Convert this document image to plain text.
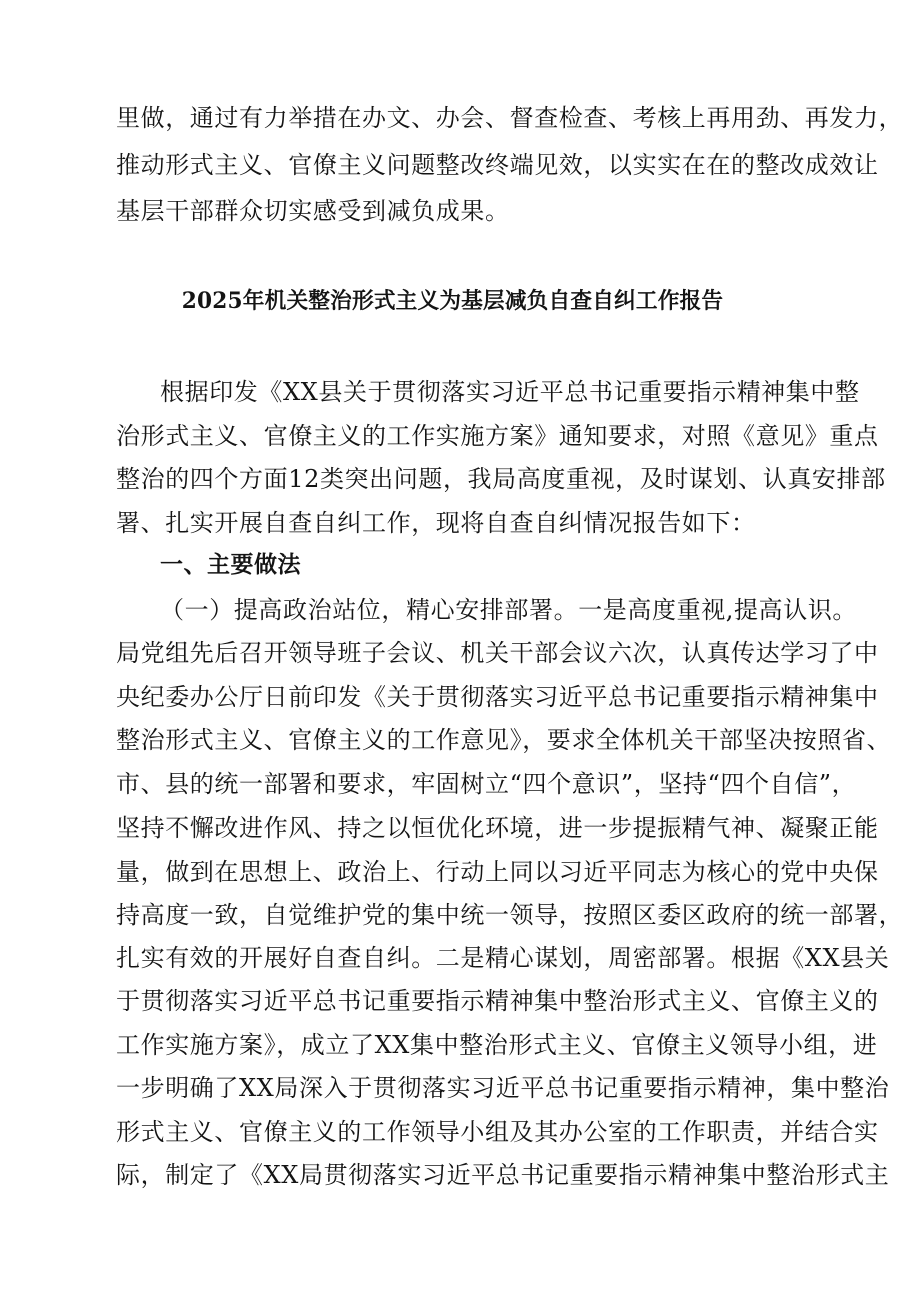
里做，通过有力举措在办文、办会、督查检查、考核上再用劲、再发力，
推动形式主义、官僚主义问题整改终端见效，以实实在在的整改成效让
基层干部群众切实感受到减负成果。
2025年机关整治形式主义为基层减负自查自纠工作报告
根据印发《XX县关于贯彻落实习近平总书记重要指示精神集中整
治形式主义、官僚主义的工作实施方案》通知要求，对照《意见》重点
整治的四个方面12类突出问题，我局高度重视，及时谋划、认真安排部
署、扎实开展自查自纠工作，现将自查自纠情况报告如下：
一、主要做法
（一）提高政治站位，精心安排部署。一是高度重视,提高认识。
局党组先后召开领导班子会议、机关干部会议六次，认真传达学习了中
央纪委办公厅日前印发《关于贯彻落实习近平总书记重要指示精神集中
整治形式主义、官僚主义的工作意见》，要求全体机关干部坚决按照省、
市、县的统一部署和要求，牢固树立“四个意识”，坚持“四个自信”，
坚持不懈改进作风、持之以恒优化环境，进一步提振精气神、凝聚正能
量，做到在思想上、政治上、行动上同以习近平同志为核心的党中央保
持高度一致，自觉维护党的集中统一领导，按照区委区政府的统一部署，
扎实有效的开展好自查自纠。二是精心谋划，周密部署。根据《XX县关
于贯彻落实习近平总书记重要指示精神集中整治形式主义、官僚主义的
工作实施方案》，成立了XX集中整治形式主义、官僚主义领导小组，进
一步明确了XX局深入于贯彻落实习近平总书记重要指示精神，集中整治
形式主义、官僚主义的工作领导小组及其办公室的工作职责，并结合实
际，制定了《XX局贯彻落实习近平总书记重要指示精神集中整治形式主
